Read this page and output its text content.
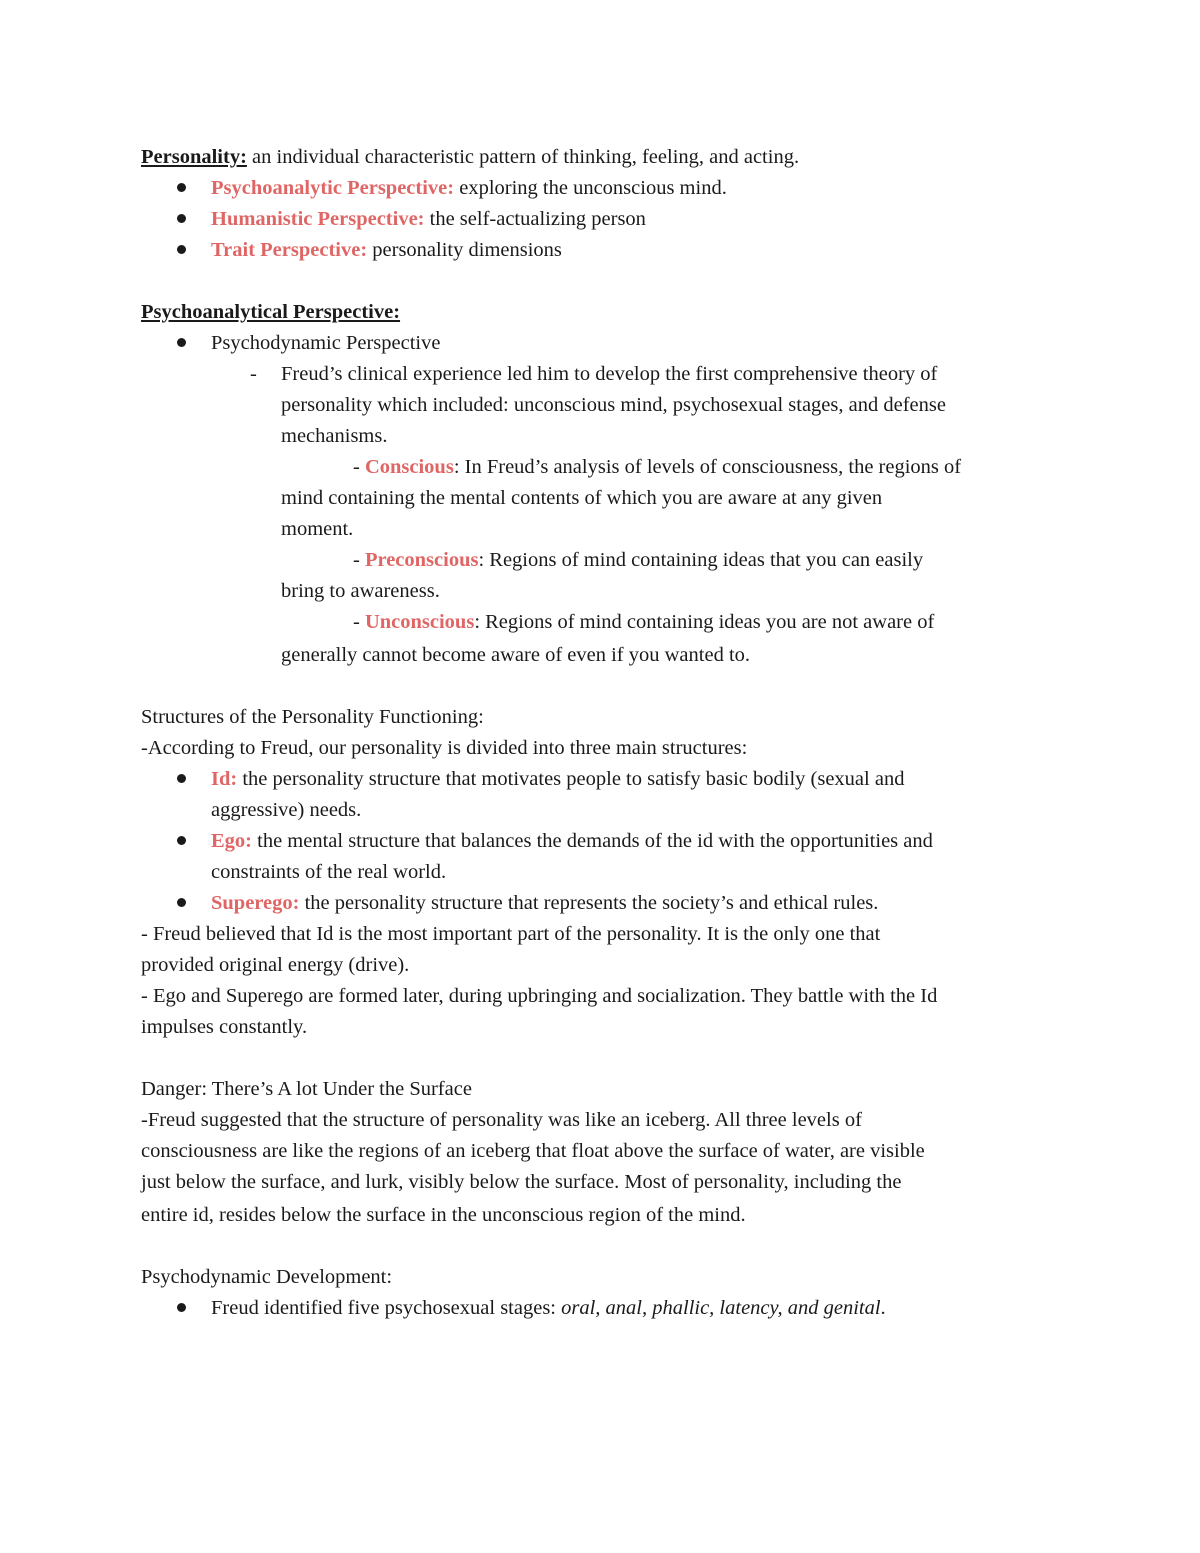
Personality: an individual characteristic pattern of thinking, feeling, and acting.
Psychoanalytic Perspective: exploring the unconscious mind.
Humanistic Perspective: the self-actualizing person
Trait Perspective: personality dimensions
Psychoanalytical Perspective:
Psychodynamic Perspective
- Freud’s clinical experience led him to develop the first comprehensive theory of
personality which included: unconscious mind, psychosexual stages, and defense
mechanisms.
- Conscious: In Freud’s analysis of levels of consciousness, the regions of
mind containing the mental contents of which you are aware at any given
moment.
- Preconscious: Regions of mind containing ideas that you can easily
bring to awareness.
- Unconscious: Regions of mind containing ideas you are not aware of
generally cannot become aware of even if you wanted to.
Structures of the Personality Functioning:
-According to Freud, our personality is divided into three main structures:
Id: the personality structure that motivates people to satisfy basic bodily (sexual and
aggressive) needs.
Ego: the mental structure that balances the demands of the id with the opportunities and
constraints of the real world.
Superego: the personality structure that represents the society’s and ethical rules.
- Freud believed that Id is the most important part of the personality. It is the only one that
provided original energy (drive).
- Ego and Superego are formed later, during upbringing and socialization. They battle with the Id
impulses constantly.
Danger: There’s A lot Under the Surface
-Freud suggested that the structure of personality was like an iceberg. All three levels of
consciousness are like the regions of an iceberg that float above the surface of water, are visible
just below the surface, and lurk, visibly below the surface. Most of personality, including the
entire id, resides below the surface in the unconscious region of the mind.
Psychodynamic Development:
Freud identified five psychosexual stages: oral, anal, phallic, latency, and genital.
